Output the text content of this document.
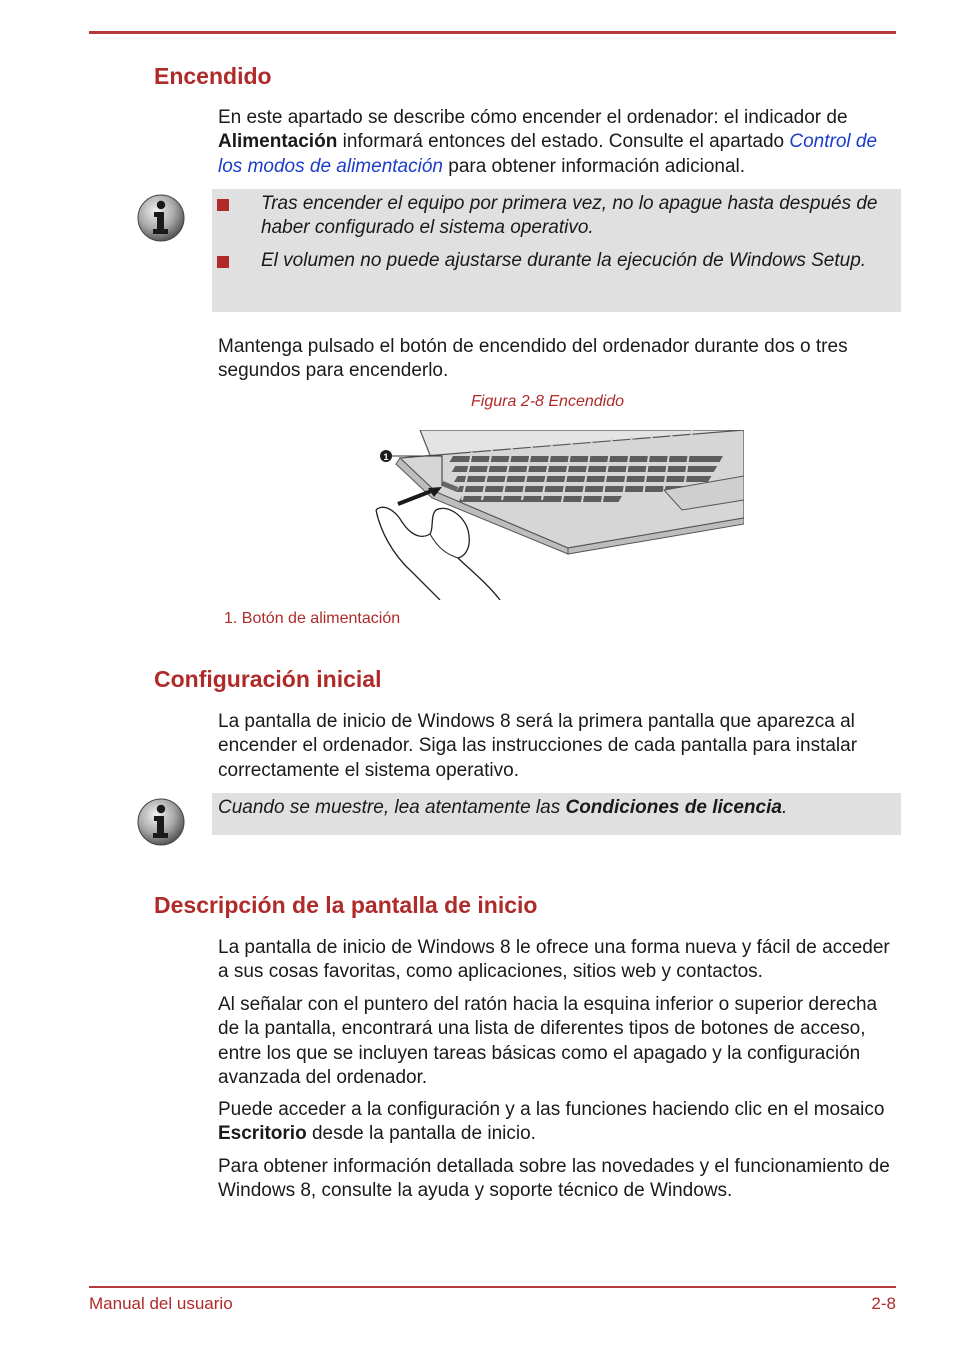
Encendido

En este apartado se describe cómo encender el ordenador: el indicador de Alimentación informará entonces del estado. Consulte el apartado Control de los modos de alimentación para obtener información adicional.

Tras encender el equipo por primera vez, no lo apague hasta después de haber configurado el sistema operativo.

El volumen no puede ajustarse durante la ejecución de Windows Setup.

Mantenga pulsado el botón de encendido del ordenador durante dos o tres segundos para encenderlo.

Figura 2-8 Encendido
1
1. Botón de alimentación
Configuración inicial

La pantalla de inicio de Windows 8 será la primera pantalla que aparezca al encender el ordenador. Siga las instrucciones de cada pantalla para instalar correctamente el sistema operativo.

Cuando se muestre, lea atentamente las Condiciones de licencia.

Descripción de la pantalla de inicio

La pantalla de inicio de Windows 8 le ofrece una forma nueva y fácil de acceder a sus cosas favoritas, como aplicaciones, sitios web y contactos.

Al señalar con el puntero del ratón hacia la esquina inferior o superior derecha de la pantalla, encontrará una lista de diferentes tipos de botones de acceso, entre los que se incluyen tareas básicas como el apagado y la configuración avanzada del ordenador.

Puede acceder a la configuración y a las funciones haciendo clic en el mosaico Escritorio desde la pantalla de inicio.

Para obtener información detallada sobre las novedades y el funcionamiento de Windows 8, consulte la ayuda y soporte técnico de Windows.

Manual del usuario	2-8
